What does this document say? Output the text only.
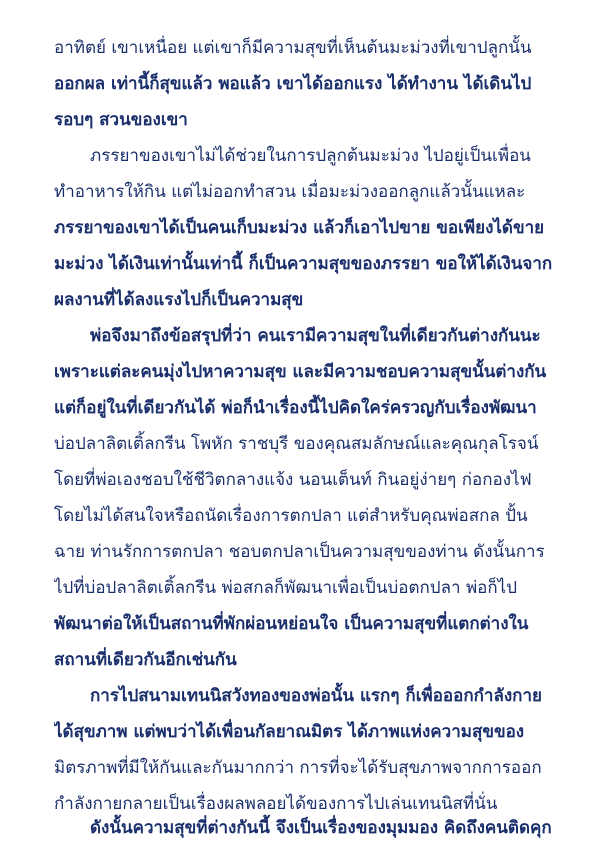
อาทิตย์ เขาเหนื่อย แต่เขาก็มีความสุขที่เห็นต้นมะม่วงที่เขาปลูกนั้น
ออกผล เท่านี้ก็สุขแล้ว พอแล้ว เขาได้ออกแรง ได้ทำงาน ได้เดินไป
รอบๆ สวนของเขา
ภรรยาของเขาไม่ได้ช่วยในการปลูกต้นมะม่วง ไปอยู่เป็นเพื่อน
ทำอาหารให้กิน แต่ไม่ออกทำสวน เมื่อมะม่วงออกลูกแล้วนั้นแหละ
ภรรยาของเขาได้เป็นคนเก็บมะม่วง แล้วก็เอาไปขาย ขอเพียงได้ขาย
มะม่วง ได้เงินเท่านั้นเท่านี้ ก็เป็นความสุขของภรรยา ขอให้ได้เงินจาก
ผลงานที่ได้ลงแรงไปก็เป็นความสุข
พ่อจึงมาถึงข้อสรุปที่ว่า คนเรามีความสุขในที่เดียวกันต่างกันนะ
เพราะแต่ละคนมุ่งไปหาความสุข และมีความชอบความสุขนั้นต่างกัน
แต่ก็อยู่ในที่เดียวกันได้ พ่อก็นำเรื่องนี้ไปคิดใคร่ครวญกับเรื่องพัฒนา
บ่อปลาลิตเติ้ลกรีน โพหัก ราชบุรี ของคุณสมลักษณ์และคุณกุลโรจน์
โดยที่พ่อเองชอบใช้ชีวิตกลางแจ้ง นอนเต็นท์ กินอยู่ง่ายๆ ก่อกองไฟ
โดยไม่ได้สนใจหรือถนัดเรื่องการตกปลา แต่สำหรับคุณพ่อสกล ปั้น
ฉาย ท่านรักการตกปลา ชอบตกปลาเป็นความสุขของท่าน ดังนั้นการ
ไปที่บ่อปลาลิตเติ้ลกรีน พ่อสกลก็พัฒนาเพื่อเป็นบ่อตกปลา พ่อก็ไป
พัฒนาต่อให้เป็นสถานที่พักผ่อนหย่อนใจ เป็นความสุขที่แตกต่างใน
สถานที่เดียวกันอีกเช่นกัน
การไปสนามเทนนิสวังทองของพ่อนั้น แรกๆ ก็เพื่อออกกำลังกาย
ได้สุขภาพ แต่พบว่าได้เพื่อนกัลยาณมิตร ได้ภาพแห่งความสุขของ
มิตรภาพที่มีให้กันและกันมากกว่า การที่จะได้รับสุขภาพจากการออก
กำลังกายกลายเป็นเรื่องผลพลอยได้ของการไปเล่นเทนนิสที่นั่น
ดังนั้นความสุขที่ต่างกันนี้ จึงเป็นเรื่องของมุมมอง คิดถึงคนติดคุก
